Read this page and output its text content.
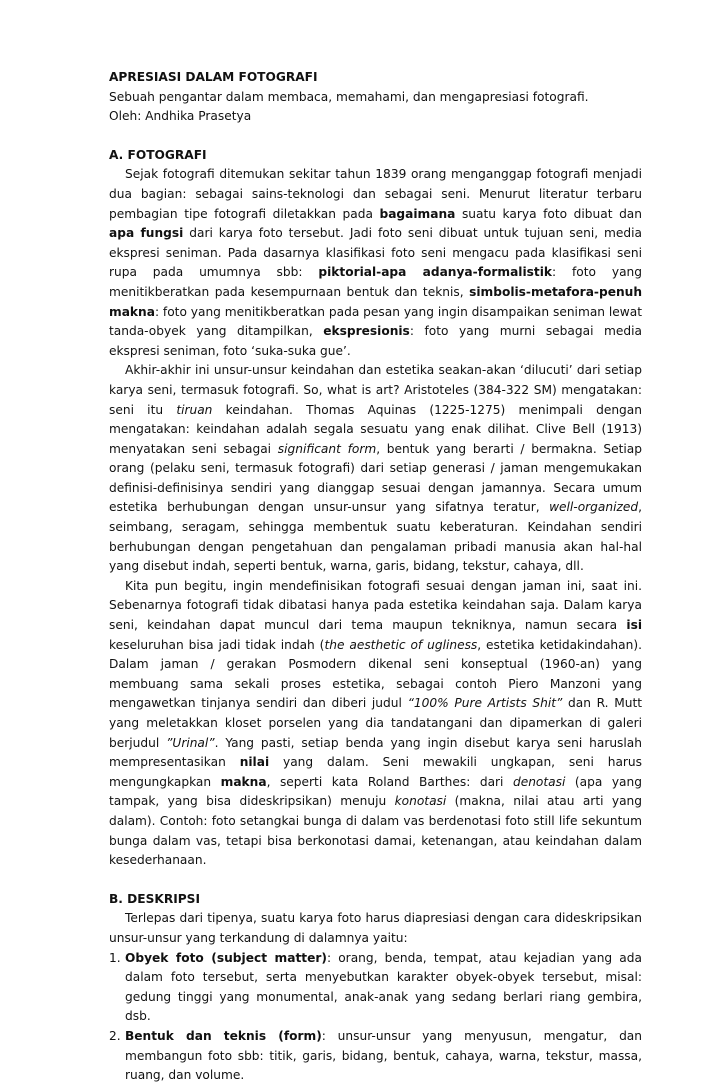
APRESIASI DALAM FOTOGRAFI

Sebuah pengantar dalam membaca, memahami, dan mengapresiasi fotografi.

Oleh: Andhika Prasetya

A. FOTOGRAFI

Sejak fotografi ditemukan sekitar tahun 1839 orang menganggap fotografi menjadi dua bagian: sebagai sains-teknologi dan sebagai seni. Menurut literatur terbaru pembagian tipe fotografi diletakkan pada bagaimana suatu karya foto dibuat dan apa fungsi dari karya foto tersebut. Jadi foto seni dibuat untuk tujuan seni, media ekspresi seniman. Pada dasarnya klasifikasi foto seni mengacu pada klasifikasi seni rupa pada umumnya sbb: piktorial-apa adanya-formalistik: foto yang menitikberatkan pada kesempurnaan bentuk dan teknis, simbolis-metafora-penuh makna: foto yang menitikberatkan pada pesan yang ingin disampaikan seniman lewat tanda-obyek yang ditampilkan, ekspresionis: foto yang murni sebagai media ekspresi seniman, foto ‘suka-suka gue’.

Akhir-akhir ini unsur-unsur keindahan dan estetika seakan-akan ‘dilucuti’ dari setiap karya seni, termasuk fotografi. So, what is art? Aristoteles (384-322 SM) mengatakan: seni itu tiruan keindahan. Thomas Aquinas (1225-1275) menimpali dengan mengatakan: keindahan adalah segala sesuatu yang enak dilihat. Clive Bell (1913) menyatakan seni sebagai significant form, bentuk yang berarti / bermakna. Setiap orang (pelaku seni, termasuk fotografi) dari setiap generasi / jaman mengemukakan definisi-definisinya sendiri yang dianggap sesuai dengan jamannya. Secara umum estetika berhubungan dengan unsur-unsur yang sifatnya teratur, well-organized, seimbang, seragam, sehingga membentuk suatu keberaturan. Keindahan sendiri berhubungan dengan pengetahuan dan pengalaman pribadi manusia akan hal-hal yang disebut indah, seperti bentuk, warna, garis, bidang, tekstur, cahaya, dll.

Kita pun begitu, ingin mendefinisikan fotografi sesuai dengan jaman ini, saat ini. Sebenarnya fotografi tidak dibatasi hanya pada estetika keindahan saja. Dalam karya seni, keindahan dapat muncul dari tema maupun tekniknya, namun secara isi keseluruhan bisa jadi tidak indah (the aesthetic of ugliness, estetika ketidakindahan). Dalam jaman / gerakan Posmodern dikenal seni konseptual (1960-an) yang membuang sama sekali proses estetika, sebagai contoh Piero Manzoni yang mengawetkan tinjanya sendiri dan diberi judul “100% Pure Artists Shit” dan R. Mutt yang meletakkan kloset porselen yang dia tandatangani dan dipamerkan di galeri berjudul ”Urinal”. Yang pasti, setiap benda yang ingin disebut karya seni haruslah mempresentasikan nilai yang dalam. Seni mewakili ungkapan, seni harus mengungkapkan makna, seperti kata Roland Barthes: dari denotasi (apa yang tampak, yang bisa dideskripsikan) menuju konotasi (makna, nilai atau arti yang dalam). Contoh: foto setangkai bunga di dalam vas berdenotasi foto still life sekuntum bunga dalam vas, tetapi bisa berkonotasi damai, ketenangan, atau keindahan dalam kesederhanaan.

B. DESKRIPSI

Terlepas dari tipenya, suatu karya foto harus diapresiasi dengan cara dideskripsikan unsur-unsur yang terkandung di dalamnya yaitu:

1. Obyek foto (subject matter): orang, benda, tempat, atau kejadian yang ada dalam foto tersebut, serta menyebutkan karakter obyek-obyek tersebut, misal: gedung tinggi yang monumental, anak-anak yang sedang berlari riang gembira, dsb.
2. Bentuk dan teknis (form): unsur-unsur yang menyusun, mengatur, dan membangun foto sbb: titik, garis, bidang, bentuk, cahaya, warna, tekstur, massa, ruang, dan volume.
